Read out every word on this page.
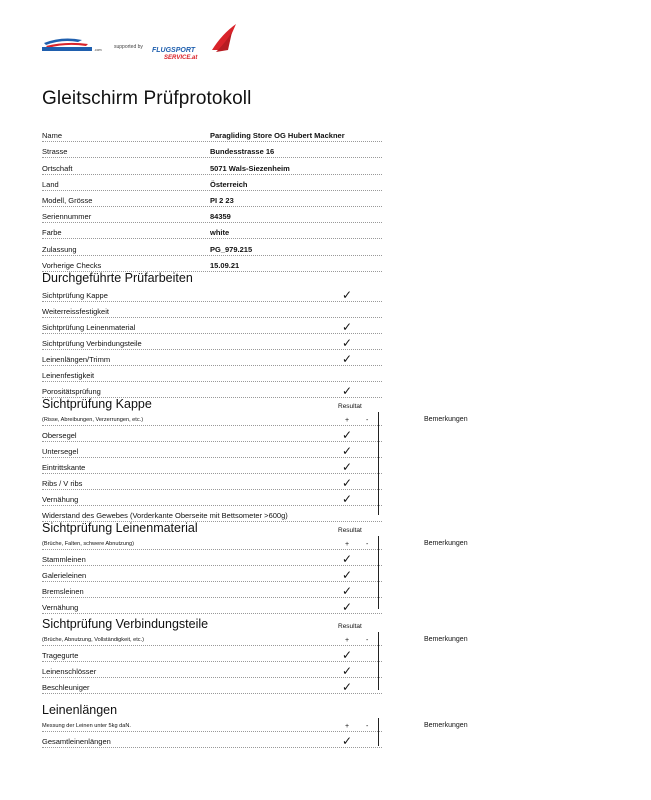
.com supported by FLUGSPORT
SERVICE.at
Gleitschirm Prüfprotokoll
Name	Paragliding Store OG Hubert Mackner
Strasse	Bundesstrasse 16
Ortschaft	5071 Wals-Siezenheim
Land	Österreich
Modell, Grösse	PI 2 23
Seriennummer	84359
Farbe	white
Zulassung	PG_979.215
Vorherige Checks	15.09.21
Durchgeführte Prüfarbeiten
Sichtprüfung Kappe	✓
Weiterreissfestigkeit
Sichtprüfung Leinenmaterial	✓
Sichtprüfung Verbindungsteile	✓
Leinenlängen/Trimm	✓
Leinenfestigkeit
Porositätsprüfung	✓
Sichtprüfung Kappe	Resultat
(Risse, Abreibungen, Verzerrungen, etc.)	+ -	Bemerkungen
Obersegel	✓
Untersegel	✓
Eintrittskante	✓
Ribs / V ribs	✓
Vernähung	✓
Widerstand des Gewebes (Vorderkante Oberseite mit Bettsometer >600g)
Sichtprüfung Leinenmaterial	Resultat
(Brüche, Falten, schwere Abnutzung)	+ -	Bemerkungen
Stammleinen	✓
Galerieleinen	✓
Bremsleinen	✓
Vernähung	✓
Sichtprüfung Verbindungsteile	Resultat
(Brüche, Abnutzung, Vollständigkeit, etc.)	+ -	Bemerkungen
Tragegurte	✓
Leinenschlösser	✓
Beschleuniger	✓
Leinenlängen
Messung der Leinen unter 5kg daN.	+ -	Bemerkungen
Gesamtleinenlängen	✓
